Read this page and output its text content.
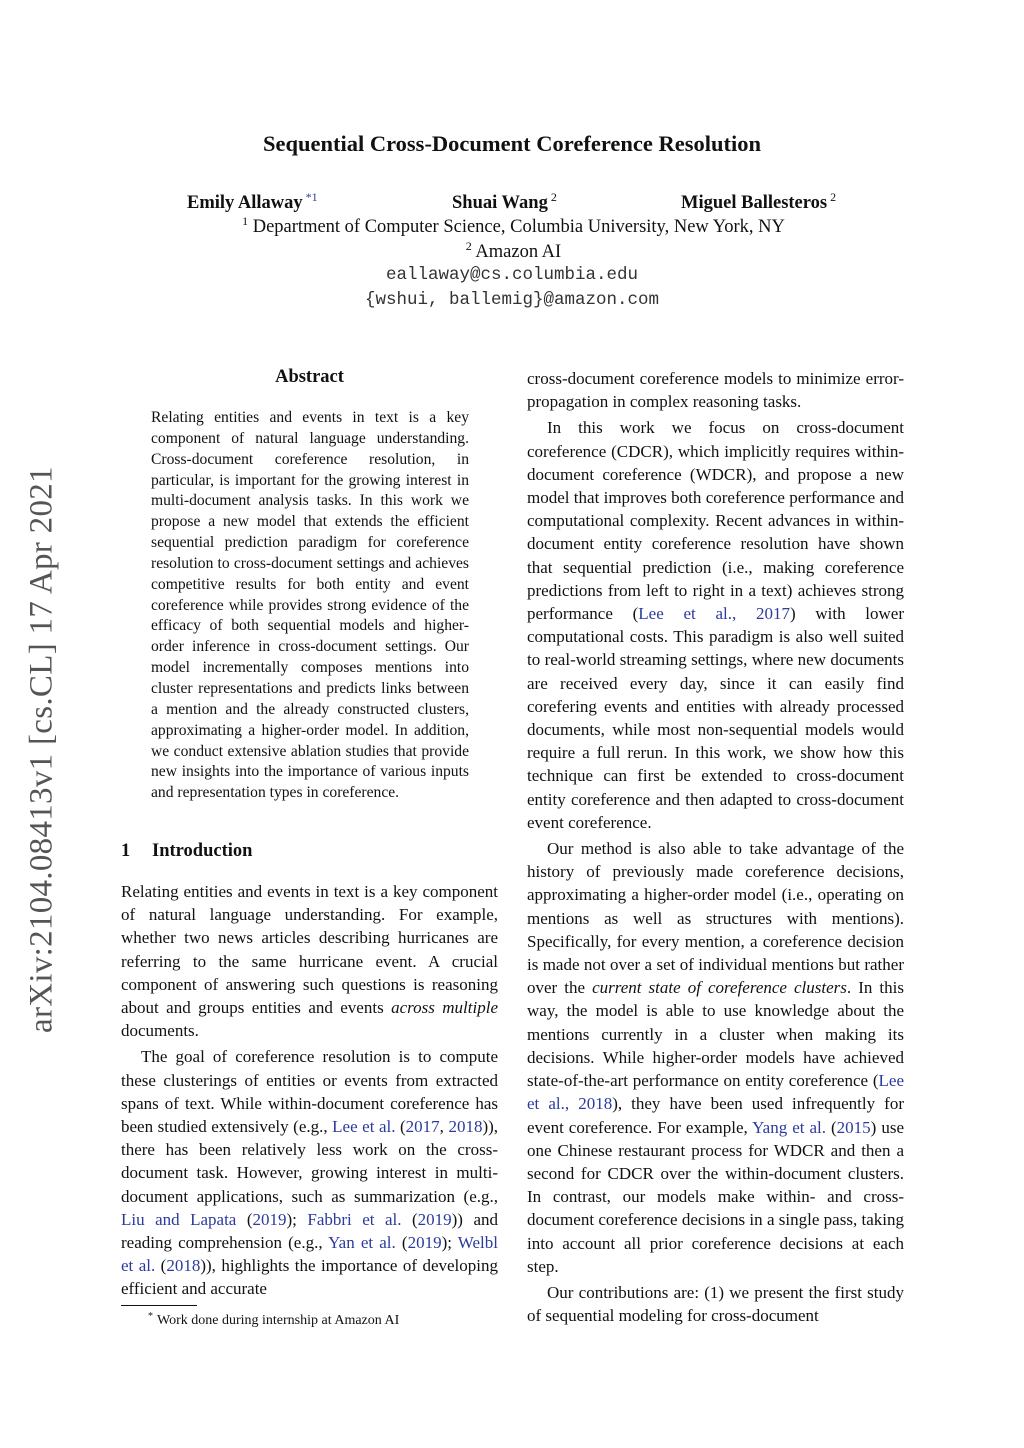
arXiv:2104.08413v1 [cs.CL] 17 Apr 2021
Sequential Cross-Document Coreference Resolution
Emily Allaway $^{*1}$	Shuai Wang $^2$	Miguel Ballesteros $^2$
$^1$ Department of Computer Science, Columbia University, New York, NY
$^2$ Amazon AI
eallaway@cs.columbia.edu
{wshui, ballemig}@amazon.com
Abstract

Relating entities and events in text is a key component of natural language understanding. Cross-document coreference resolution, in particular, is important for the growing interest in multi-document analysis tasks. In this work we propose a new model that extends the efficient sequential prediction paradigm for coreference resolution to cross-document settings and achieves competitive results for both entity and event coreference while provides strong evidence of the efficacy of both sequential models and higher-order inference in cross-document settings. Our model incrementally composes mentions into cluster representations and predicts links between a mention and the already constructed clusters, approximating a higher-order model. In addition, we conduct extensive ablation studies that provide new insights into the importance of various inputs and representation types in coreference.

1 Introduction

Relating entities and events in text is a key component of natural language understanding. For example, whether two news articles describing hurricanes are referring to the same hurricane event. A crucial component of answering such questions is reasoning about and groups entities and events across multiple documents.

The goal of coreference resolution is to compute these clusterings of entities or events from extracted spans of text. While within-document coreference has been studied extensively (e.g., Lee et al. (2017, 2018)), there has been relatively less work on the cross-document task. However, growing interest in multi-document applications, such as summarization (e.g., Liu and Lapata (2019); Fabbri et al. (2019)) and reading comprehension (e.g., Yan et al. (2019); Welbl et al. (2018)), highlights the importance of developing efficient and accurate

cross-document coreference models to minimize error-propagation in complex reasoning tasks.

In this work we focus on cross-document coreference (CDCR), which implicitly requires within-document coreference (WDCR), and propose a new model that improves both coreference performance and computational complexity. Recent advances in within-document entity coreference resolution have shown that sequential prediction (i.e., making coreference predictions from left to right in a text) achieves strong performance (Lee et al., 2017) with lower computational costs. This paradigm is also well suited to real-world streaming settings, where new documents are received every day, since it can easily find corefering events and entities with already processed documents, while most non-sequential models would require a full rerun. In this work, we show how this technique can first be extended to cross-document entity coreference and then adapted to cross-document event coreference.

Our method is also able to take advantage of the history of previously made coreference decisions, approximating a higher-order model (i.e., operating on mentions as well as structures with mentions). Specifically, for every mention, a coreference decision is made not over a set of individual mentions but rather over the current state of coreference clusters. In this way, the model is able to use knowledge about the mentions currently in a cluster when making its decisions. While higher-order models have achieved state-of-the-art performance on entity coreference (Lee et al., 2018), they have been used infrequently for event coreference. For example, Yang et al. (2015) use one Chinese restaurant process for WDCR and then a second for CDCR over the within-document clusters. In contrast, our models make within- and cross-document coreference decisions in a single pass, taking into account all prior coreference decisions at each step.

Our contributions are: (1) we present the first study of sequential modeling for cross-document

* Work done during internship at Amazon AI
